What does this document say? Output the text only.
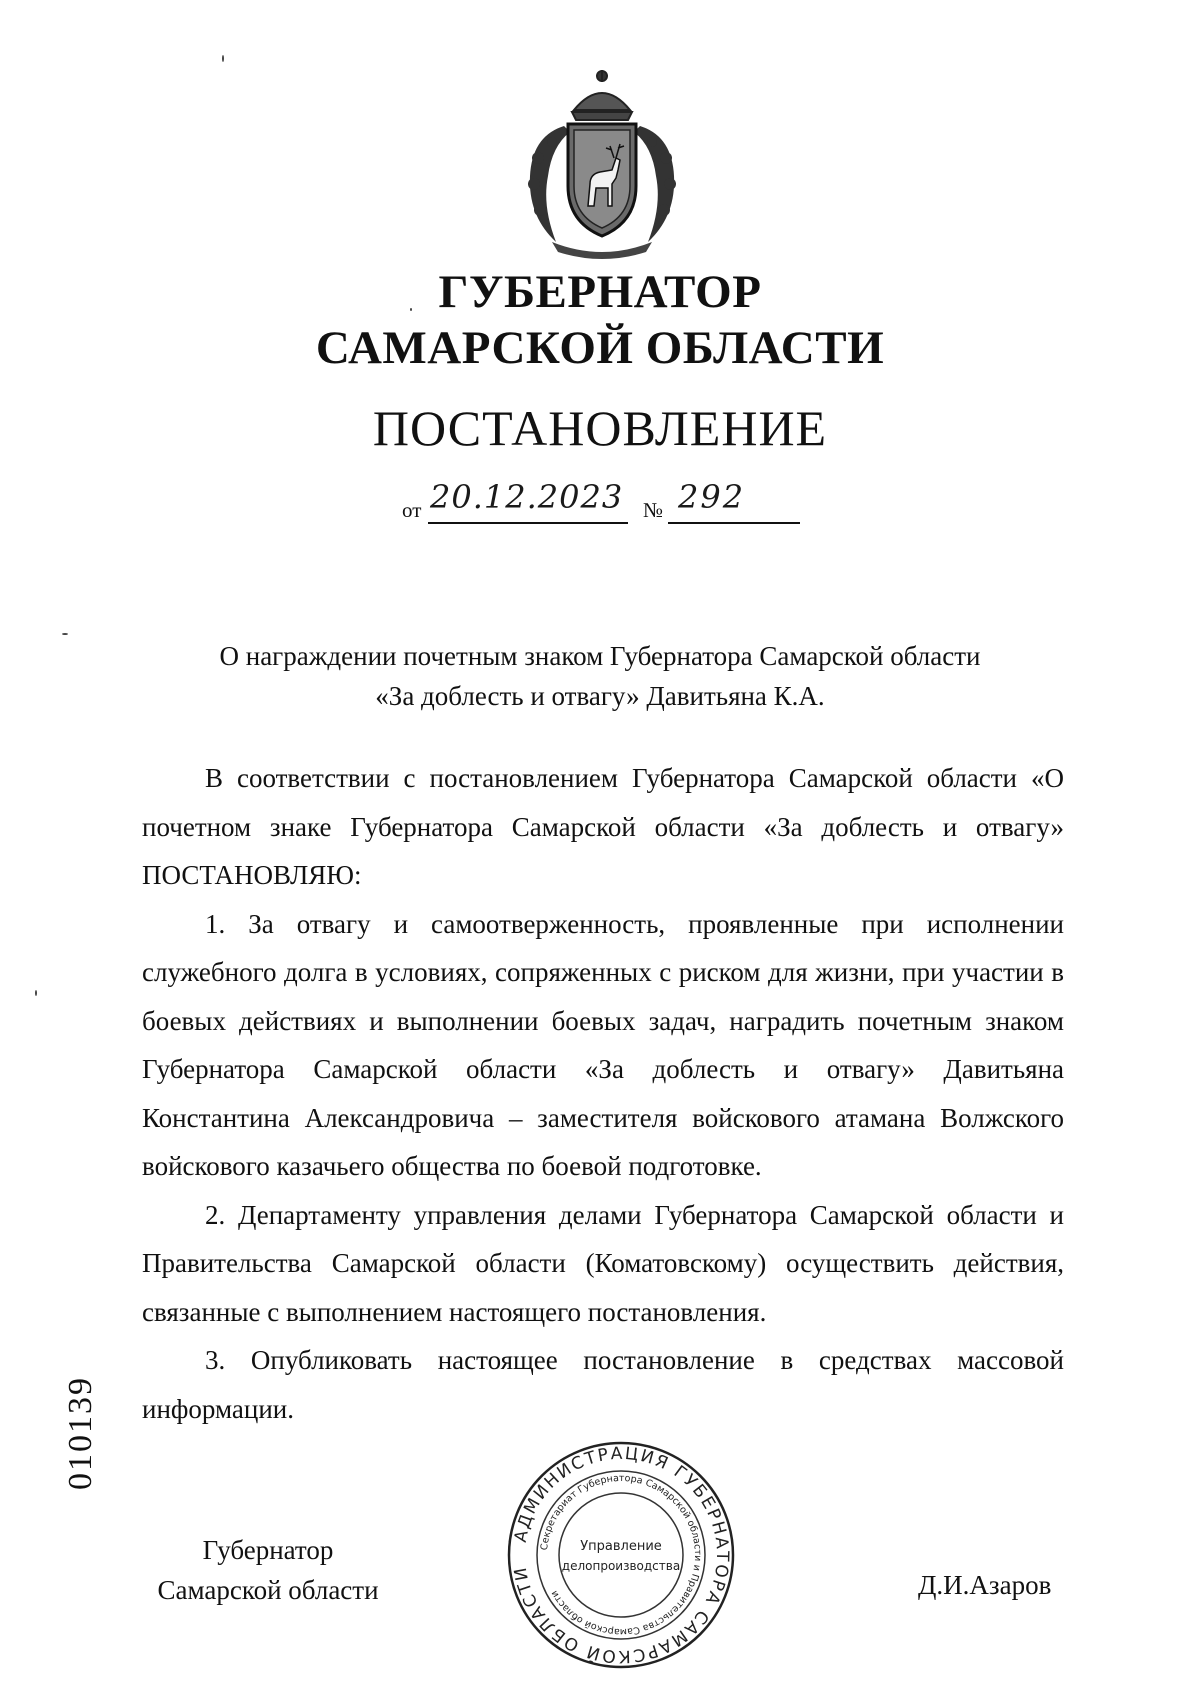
ГУБЕРНАТОР
САМАРСКОЙ ОБЛАСТИ
ПОСТАНОВЛЕНИЕ
от 20.12.2023 № 292
О награждении почетным знаком Губернатора Самарской области
«За доблесть и отвагу» Давитьяна К.А.

В соответствии с постановлением Губернатора Самарской области «О почетном знаке Губернатора Самарской области «За доблесть и отвагу» ПОСТАНОВЛЯЮ:

1. За отвагу и самоотверженность, проявленные при исполнении служебного долга в условиях, сопряженных с риском для жизни, при участии в боевых действиях и выполнении боевых задач, наградить почетным знаком Губернатора Самарской области «За доблесть и отвагу» Давитьяна Константина Александровича – заместителя войскового атамана Волжского войскового казачьего общества по боевой подготовке.

2. Департаменту управления делами Губернатора Самарской области и Правительства Самарской области (Коматовскому) осуществить действия, связанные с выполнением настоящего постановления.

3. Опубликовать настоящее постановление в средствах массовой информации.

010139
Губернатор
Самарской области
АДМИНИСТРАЦИЯ ГУБЕРНАТОРА САМАРСКОЙ ОБЛАСТИ
Секретариат Губернатора Самарской области и Правительства Самарской области
Управление
делопроизводства
Д.И.Азаров
